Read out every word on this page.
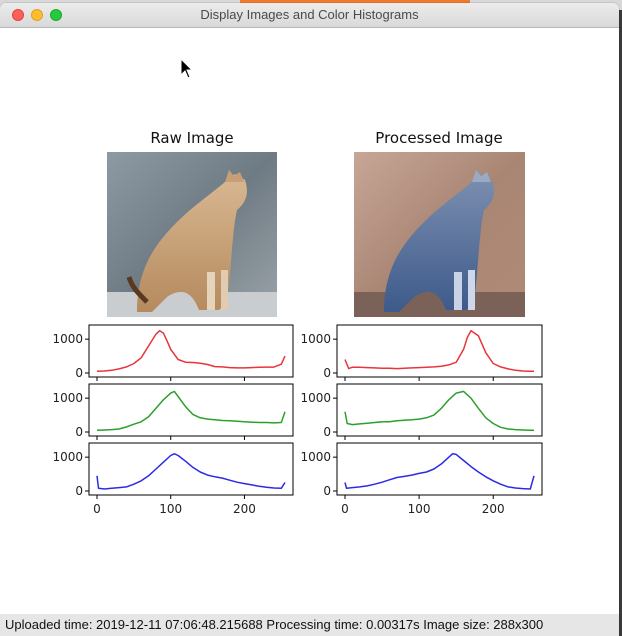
Display Images and Color Histograms
Raw Image	Processed Image
0
1000
0
1000
0
1000
0	100	200
0
1000
0
1000
0
1000
0	100	200
Uploaded time: 2019-12-11 07:06:48.215688 Processing time: 0.00317s Image size: 288x300
